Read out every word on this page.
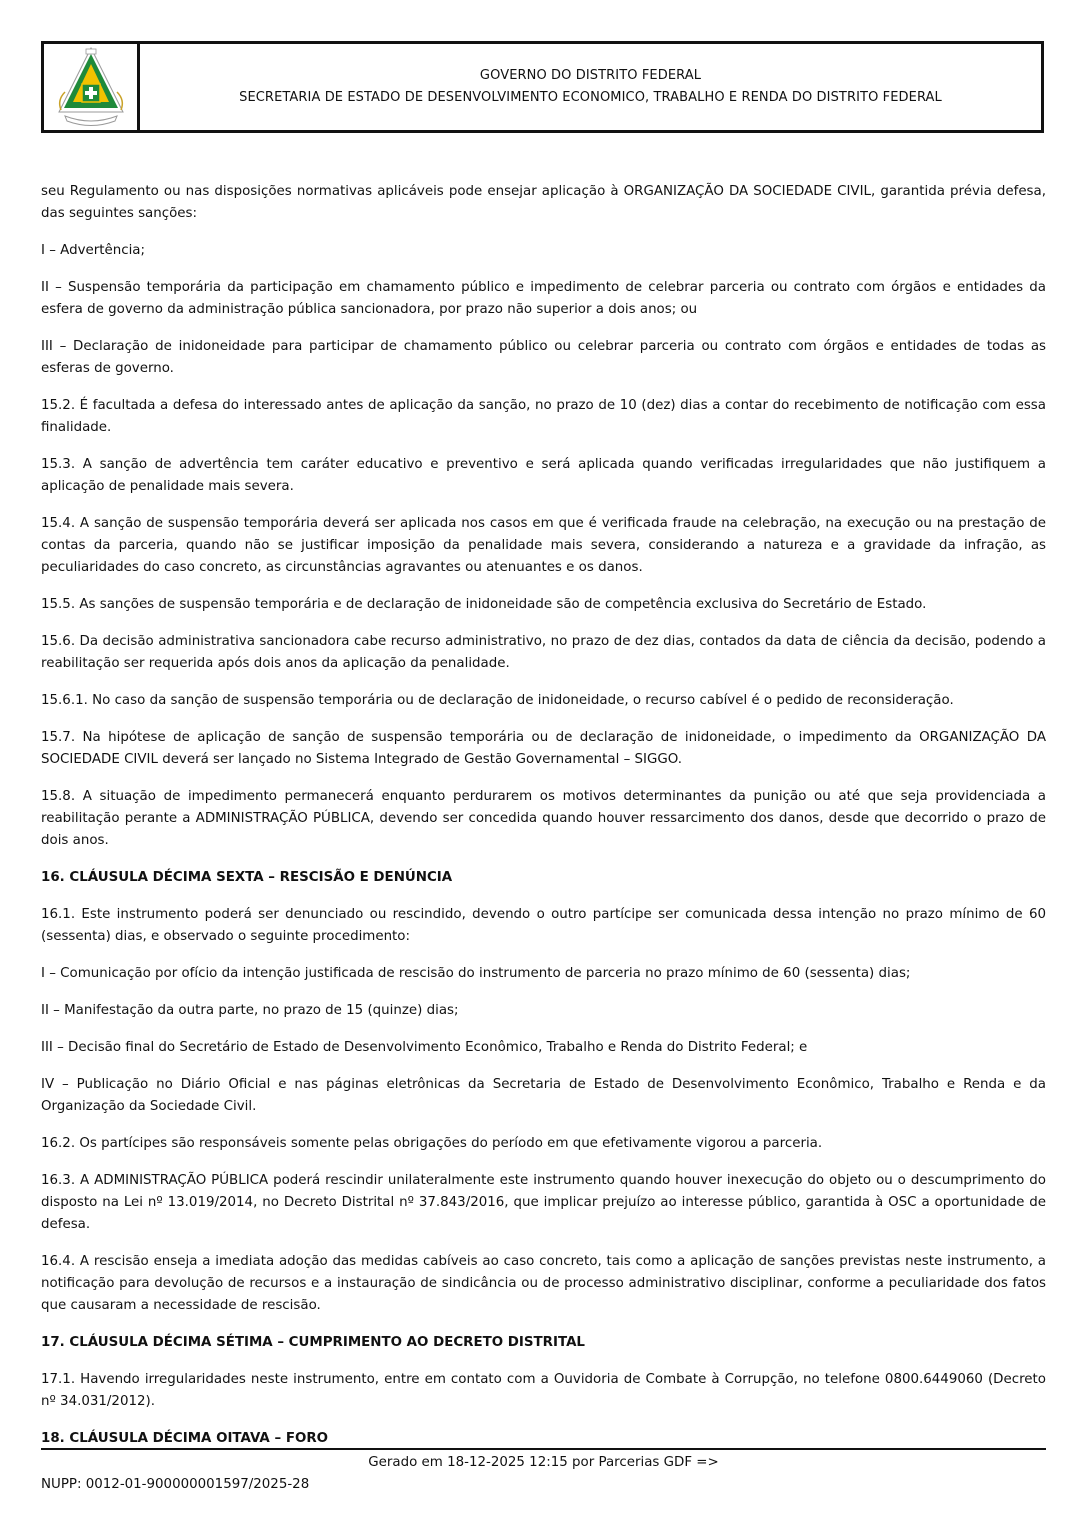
GOVERNO DO DISTRITO FEDERAL
SECRETARIA DE ESTADO DE DESENVOLVIMENTO ECONOMICO, TRABALHO E RENDA DO DISTRITO FEDERAL

seu Regulamento ou nas disposições normativas aplicáveis pode ensejar aplicação à ORGANIZAÇÃO DA SOCIEDADE CIVIL, garantida prévia defesa, das seguintes sanções:

I – Advertência;

II – Suspensão temporária da participação em chamamento público e impedimento de celebrar parceria ou contrato com órgãos e entidades da esfera de governo da administração pública sancionadora, por prazo não superior a dois anos; ou

III – Declaração de inidoneidade para participar de chamamento público ou celebrar parceria ou contrato com órgãos e entidades de todas as esferas de governo.

15.2. É facultada a defesa do interessado antes de aplicação da sanção, no prazo de 10 (dez) dias a contar do recebimento de notificação com essa finalidade.

15.3. A sanção de advertência tem caráter educativo e preventivo e será aplicada quando verificadas irregularidades que não justifiquem a aplicação de penalidade mais severa.

15.4. A sanção de suspensão temporária deverá ser aplicada nos casos em que é verificada fraude na celebração, na execução ou na prestação de contas da parceria, quando não se justificar imposição da penalidade mais severa, considerando a natureza e a gravidade da infração, as peculiaridades do caso concreto, as circunstâncias agravantes ou atenuantes e os danos.

15.5. As sanções de suspensão temporária e de declaração de inidoneidade são de competência exclusiva do Secretário de Estado.

15.6. Da decisão administrativa sancionadora cabe recurso administrativo, no prazo de dez dias, contados da data de ciência da decisão, podendo a reabilitação ser requerida após dois anos da aplicação da penalidade.

15.6.1. No caso da sanção de suspensão temporária ou de declaração de inidoneidade, o recurso cabível é o pedido de reconsideração.

15.7. Na hipótese de aplicação de sanção de suspensão temporária ou de declaração de inidoneidade, o impedimento da ORGANIZAÇÃO DA SOCIEDADE CIVIL deverá ser lançado no Sistema Integrado de Gestão Governamental – SIGGO.

15.8. A situação de impedimento permanecerá enquanto perdurarem os motivos determinantes da punição ou até que seja providenciada a reabilitação perante a ADMINISTRAÇÃO PÚBLICA, devendo ser concedida quando houver ressarcimento dos danos, desde que decorrido o prazo de dois anos.

16. CLÁUSULA DÉCIMA SEXTA – RESCISÃO E DENÚNCIA

16.1. Este instrumento poderá ser denunciado ou rescindido, devendo o outro partícipe ser comunicada dessa intenção no prazo mínimo de 60 (sessenta) dias, e observado o seguinte procedimento:

I – Comunicação por ofício da intenção justificada de rescisão do instrumento de parceria no prazo mínimo de 60 (sessenta) dias;

II – Manifestação da outra parte, no prazo de 15 (quinze) dias;

III – Decisão final do Secretário de Estado de Desenvolvimento Econômico, Trabalho e Renda do Distrito Federal; e

IV – Publicação no Diário Oficial e nas páginas eletrônicas da Secretaria de Estado de Desenvolvimento Econômico, Trabalho e Renda e da Organização da Sociedade Civil.

16.2. Os partícipes são responsáveis somente pelas obrigações do período em que efetivamente vigorou a parceria.

16.3. A ADMINISTRAÇÃO PÚBLICA poderá rescindir unilateralmente este instrumento quando houver inexecução do objeto ou o descumprimento do disposto na Lei nº 13.019/2014, no Decreto Distrital nº 37.843/2016, que implicar prejuízo ao interesse público, garantida à OSC a oportunidade de defesa.

16.4. A rescisão enseja a imediata adoção das medidas cabíveis ao caso concreto, tais como a aplicação de sanções previstas neste instrumento, a notificação para devolução de recursos e a instauração de sindicância ou de processo administrativo disciplinar, conforme a peculiaridade dos fatos que causaram a necessidade de rescisão.

17. CLÁUSULA DÉCIMA SÉTIMA – CUMPRIMENTO AO DECRETO DISTRITAL

17.1. Havendo irregularidades neste instrumento, entre em contato com a Ouvidoria de Combate à Corrupção, no telefone 0800.6449060 (Decreto nº 34.031/2012).

18. CLÁUSULA DÉCIMA OITAVA – FORO

Gerado em 18-12-2025 12:15 por Parcerias GDF =>
NUPP: 0012-01-900000001597/2025-28
